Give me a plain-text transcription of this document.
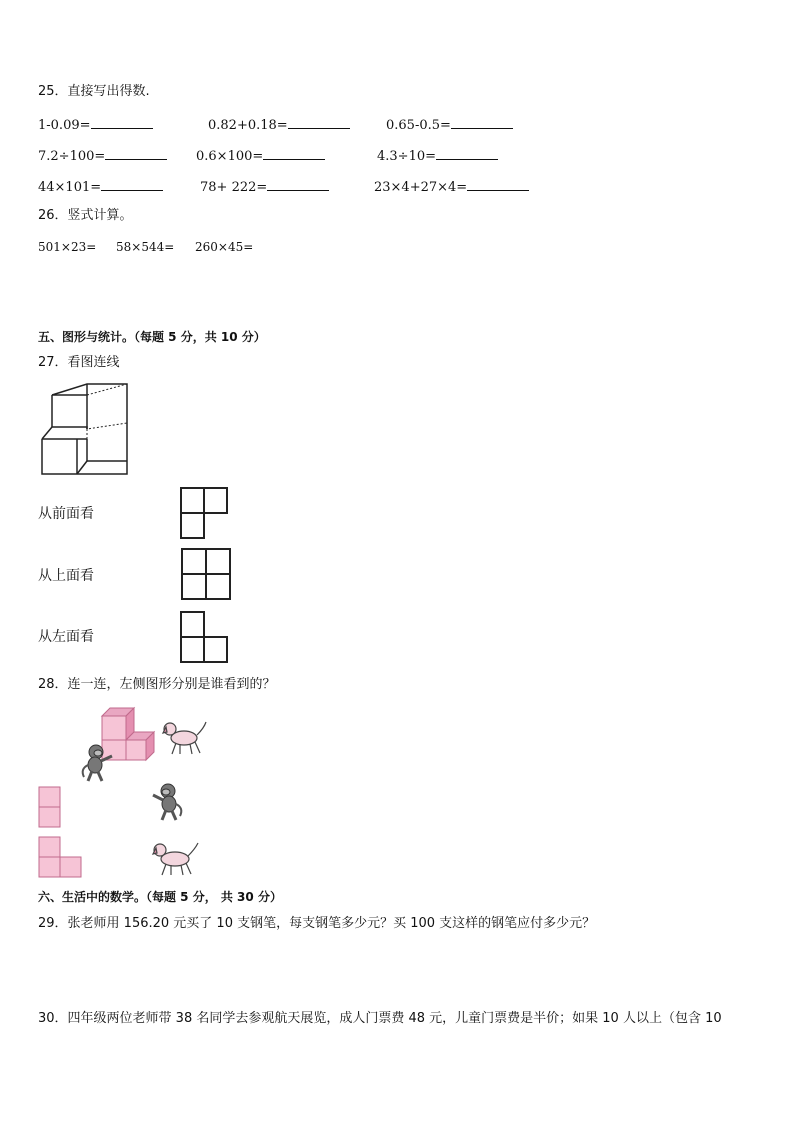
25．直接写出得数.
1-0.09=	0.82+0.18=	0.65-0.5=
7.2÷100=	0.6×100=	4.3÷10=
44×101=	78+ 222=	23×4+27×4=
26．竖式计算。
501×23= 58×544= 260×45=
五、图形与统计。（每题 5 分，共 10 分）
27．看图连线
从前面看
从上面看
从左面看
28．连一连，左侧图形分别是谁看到的？
六、生活中的数学。（每题 5 分， 共 30 分）
29．张老师用 156.20 元买了 10 支钢笔，每支钢笔多少元？买 100 支这样的钢笔应付多少元？
30．四年级两位老师带 38 名同学去参观航天展览，成人门票费 48 元，儿童门票费是半价；如果 10 人以上（包含 10
